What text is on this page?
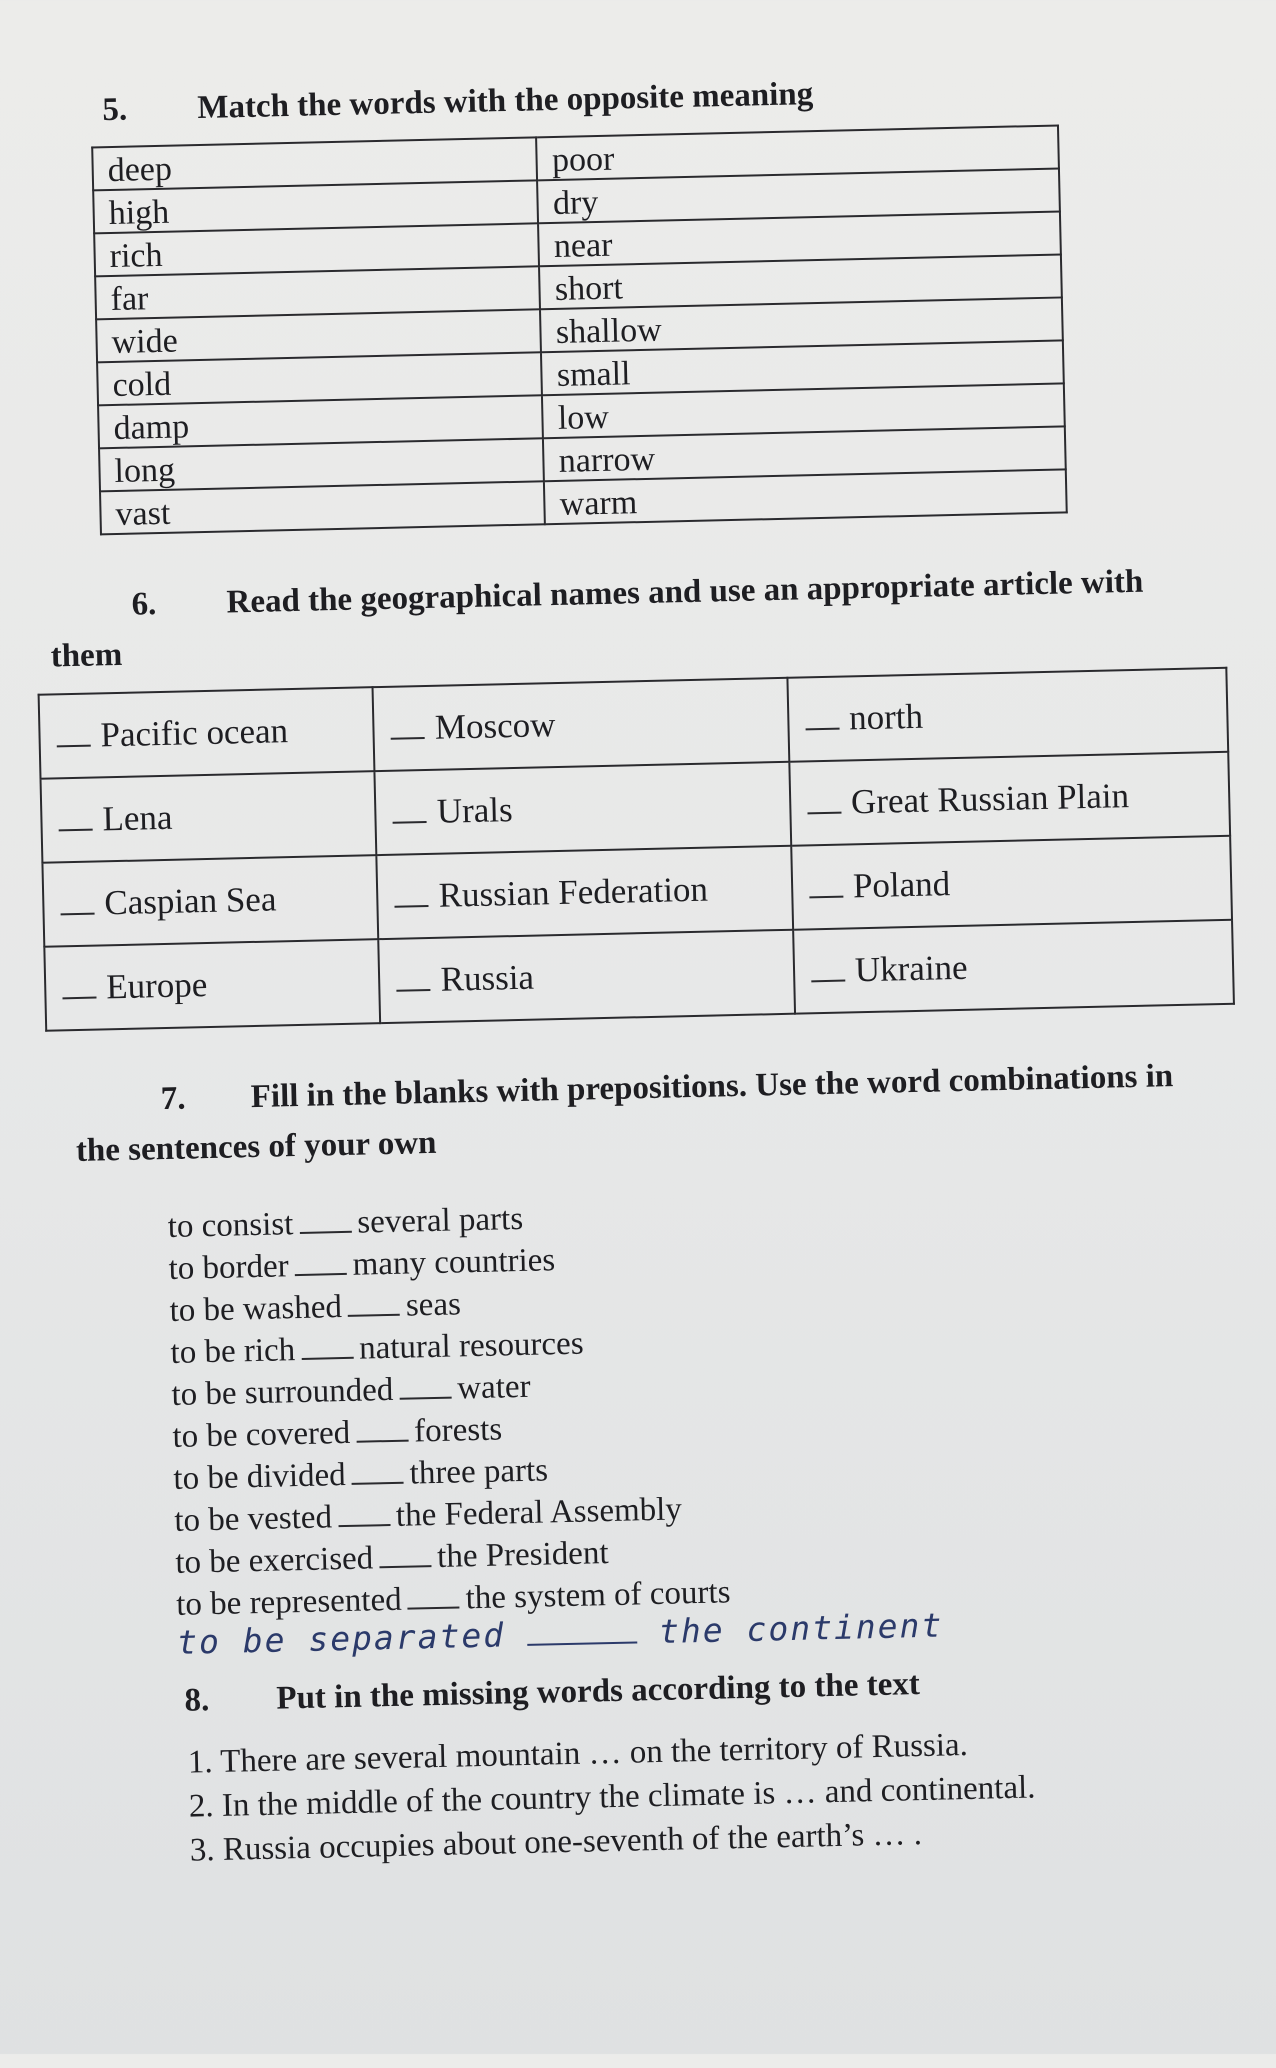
5. Match the words with the opposite meaning
deep	poor
high	dry
rich	near
far	short
wide	shallow
cold	small
damp	low
long	narrow
vast	warm
6. Read the geographical names and use an appropriate article with
them
Pacific ocean	Moscow	north
Lena	Urals	Great Russian Plain
Caspian Sea	Russian Federation	Poland
Europe	Russia	Ukraine
7. Fill in the blanks with prepositions. Use the word combinations in
the sentences of your own
to consist several parts
to border many countries
to be washed seas
to be rich natural resources
to be surrounded water
to be covered forests
to be divided three parts
to be vested the Federal Assembly
to be exercised the President
to be represented the system of courts
to be separated	the continent
8. Put in the missing words according to the text
1. There are several mountain … on the territory of Russia.
2. In the middle of the country the climate is … and continental.
3. Russia occupies about one-seventh of the earth’s … .
